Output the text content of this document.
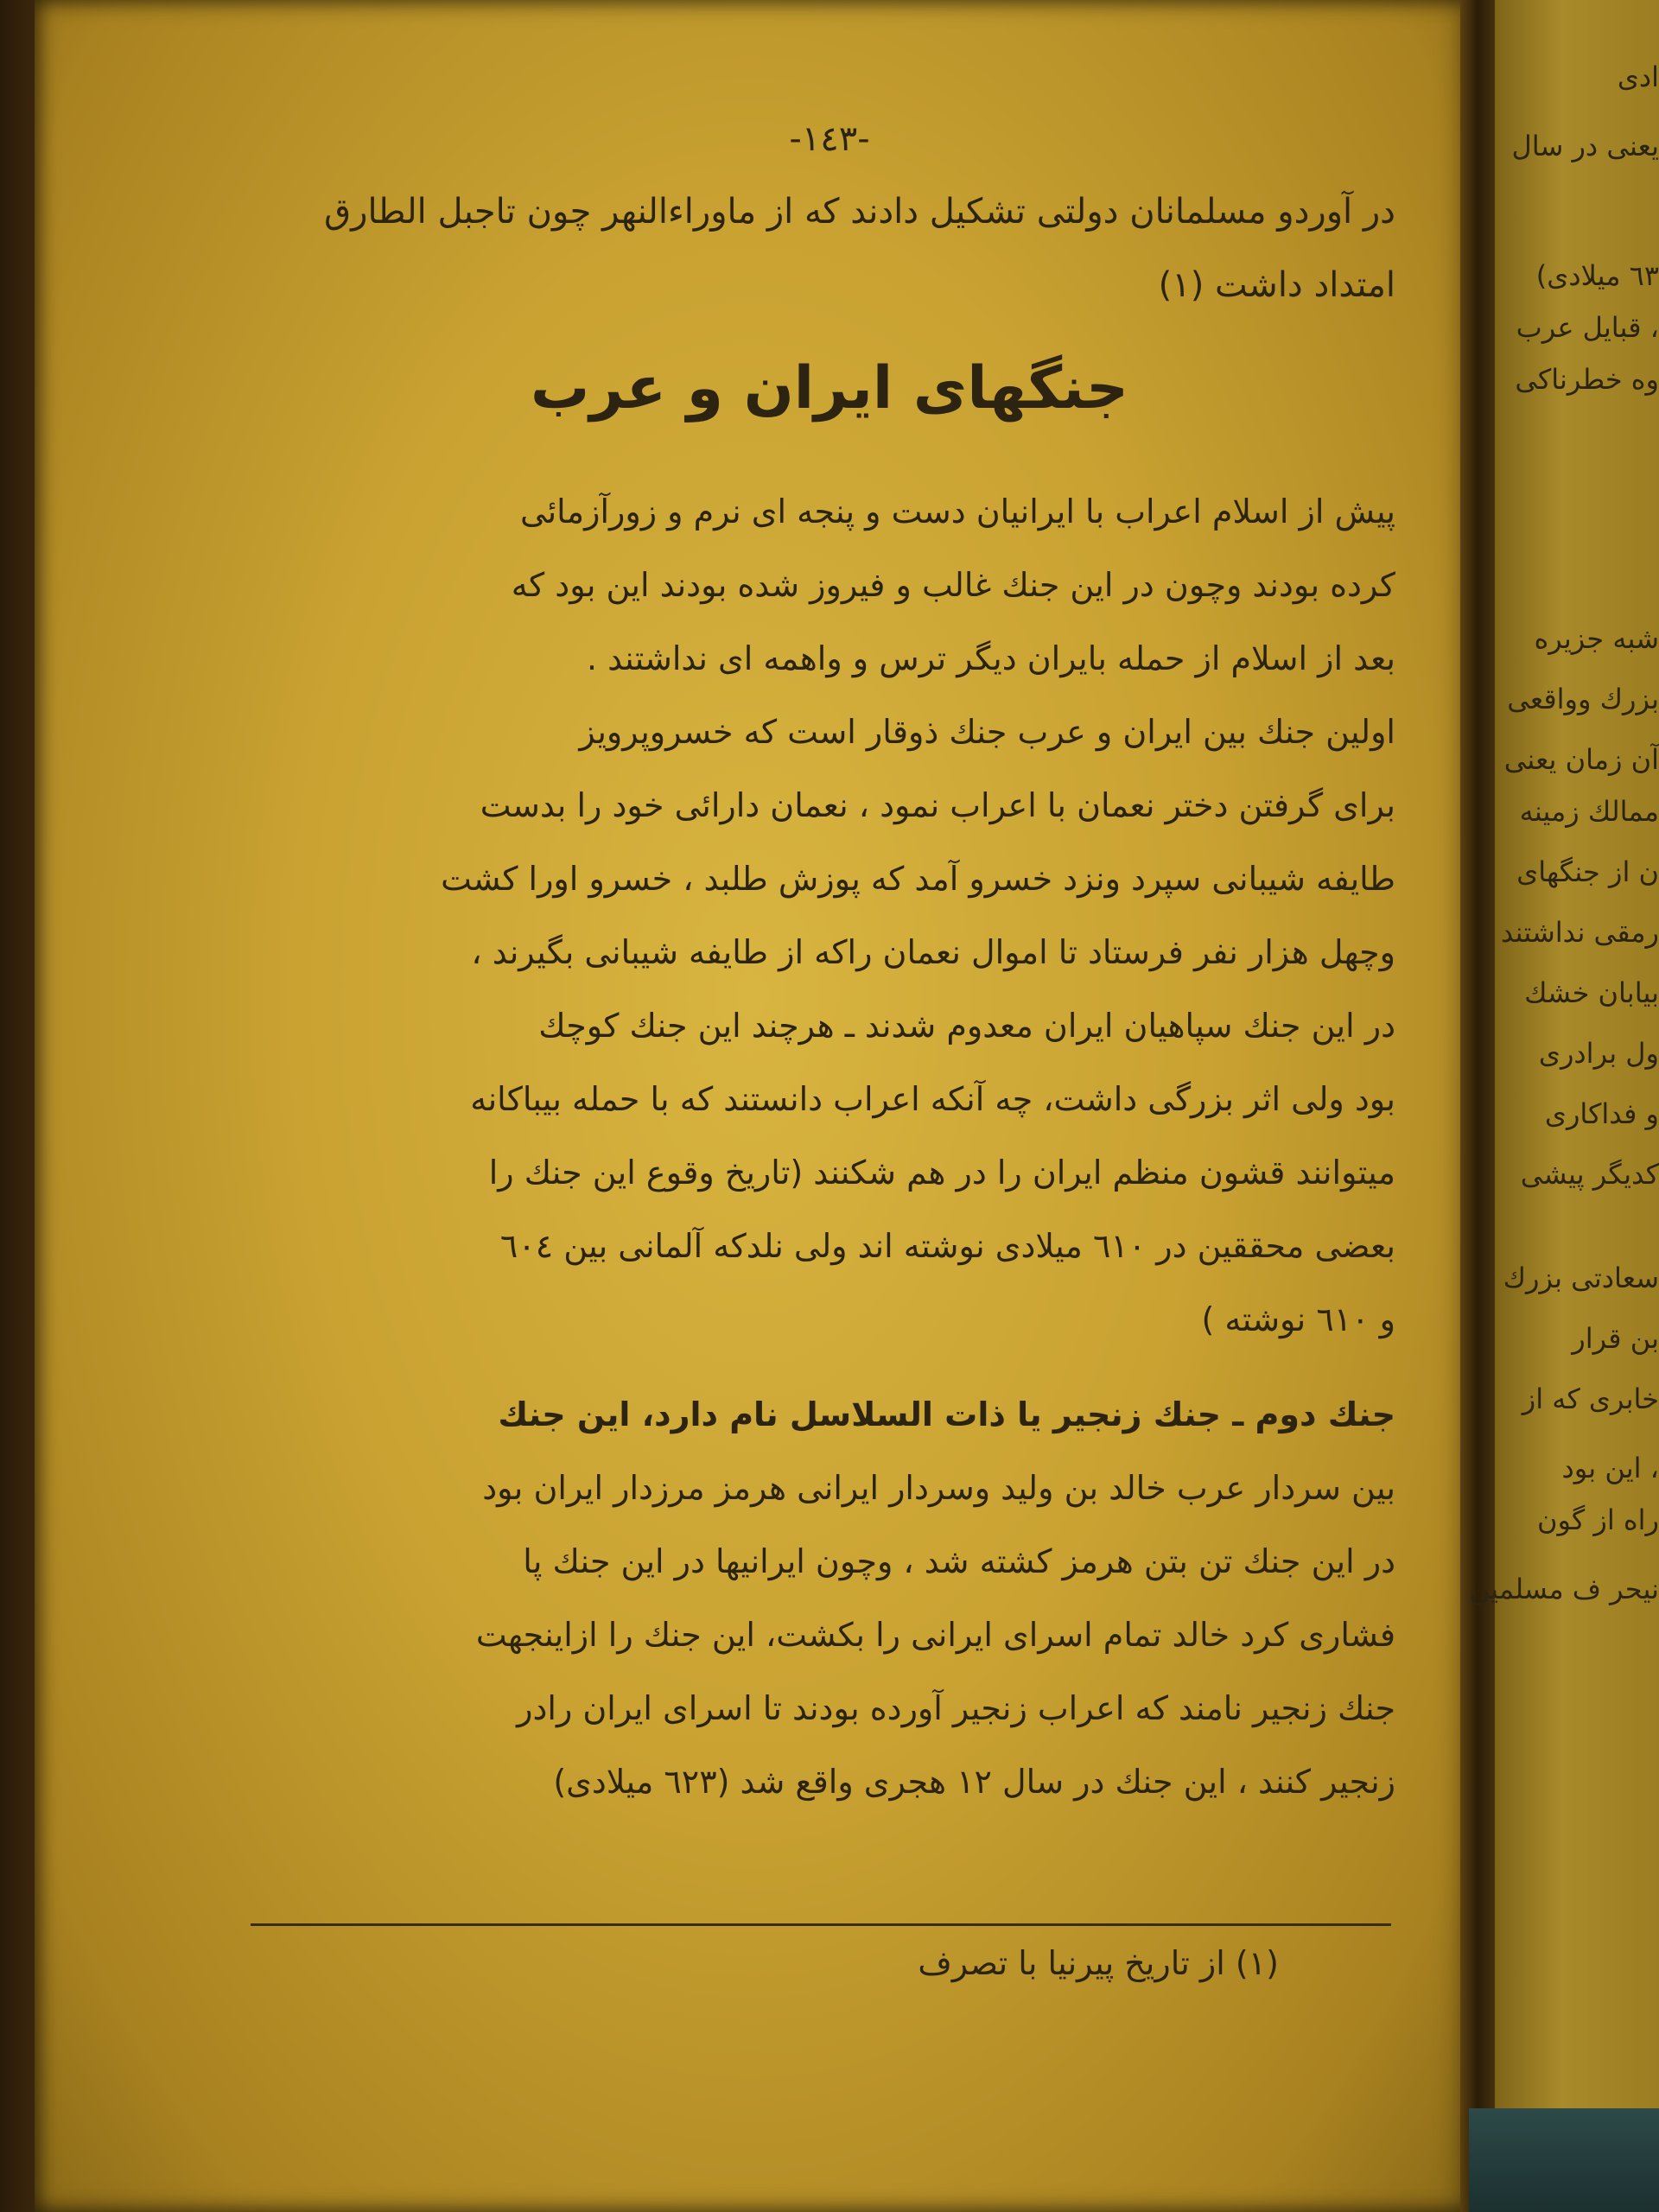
ادی
یعنی در سال
٦٣ میلادی)
، قبایل عرب
وه خطرناکی
شبه جزیره
بزرك وواقعی
آن زمان یعنی
ممالك زمینه
ن از جنگهای
رمقی نداشتند
بیابان خشك
ول برادری
و فداکاری
کدیگر پیشی
سعادتی بزرك
بن قرار
خابری که از
، این بود
راه از گون
نیحر ف مسلمین
-١٤٣-
در آوردو مسلمانان دولتی تشکیل دادند که از ماوراءالنهر چون تاجبل الطارق
امتداد داشت (١)
جنگهای ایران و عرب
پیش از اسلام اعراب با ایرانیان دست و پنجه ای نرم و زورآزمائی
کرده بودند وچون در این جنك غالب و فیروز شده بودند این بود که
بعد از اسلام از حمله بایران دیگر ترس و واهمه ای نداشتند .
اولین جنك بین ایران و عرب جنك ذوقار است که خسروپرویز
برای گرفتن دختر نعمان با اعراب نمود ، نعمان دارائی خود را بدست
طایفه شیبانی سپرد ونزد خسرو آمد که پوزش طلبد ، خسرو اورا کشت
وچهل هزار نفر فرستاد تا اموال نعمان راکه از طایفه شیبانی بگیرند ،
در این جنك سپاهیان ایران معدوم شدند ـ هرچند این جنك کوچك
بود ولی اثر بزرگی داشت، چه آنکه اعراب دانستند که با حمله بیباکانه
میتوانند قشون منظم ایران را در هم شکنند (تاریخ وقوع این جنك را
بعضی محققین در ٦١٠ میلادی نوشته اند ولی نلدکه آلمانی بین ٦٠٤
و ٦١٠ نوشته )
جنك دوم ـ جنك زنجیر یا ذات السلاسل نام دارد، این جنك
بین سردار عرب خالد بن ولید وسردار ایرانی هرمز مرزدار ایران بود
در این جنك تن بتن هرمز کشته شد ، وچون ایرانیها در این جنك پا
فشاری کرد خالد تمام اسرای ایرانی را بکشت، این جنك را ازاینجهت
جنك زنجیر نامند که اعراب زنجیر آورده بودند تا اسرای ایران رادر
زنجیر کنند ، این جنك در سال ١٢ هجری واقع شد (٦٢٣ میلادی)
(١) از تاریخ پیرنیا با تصرف
